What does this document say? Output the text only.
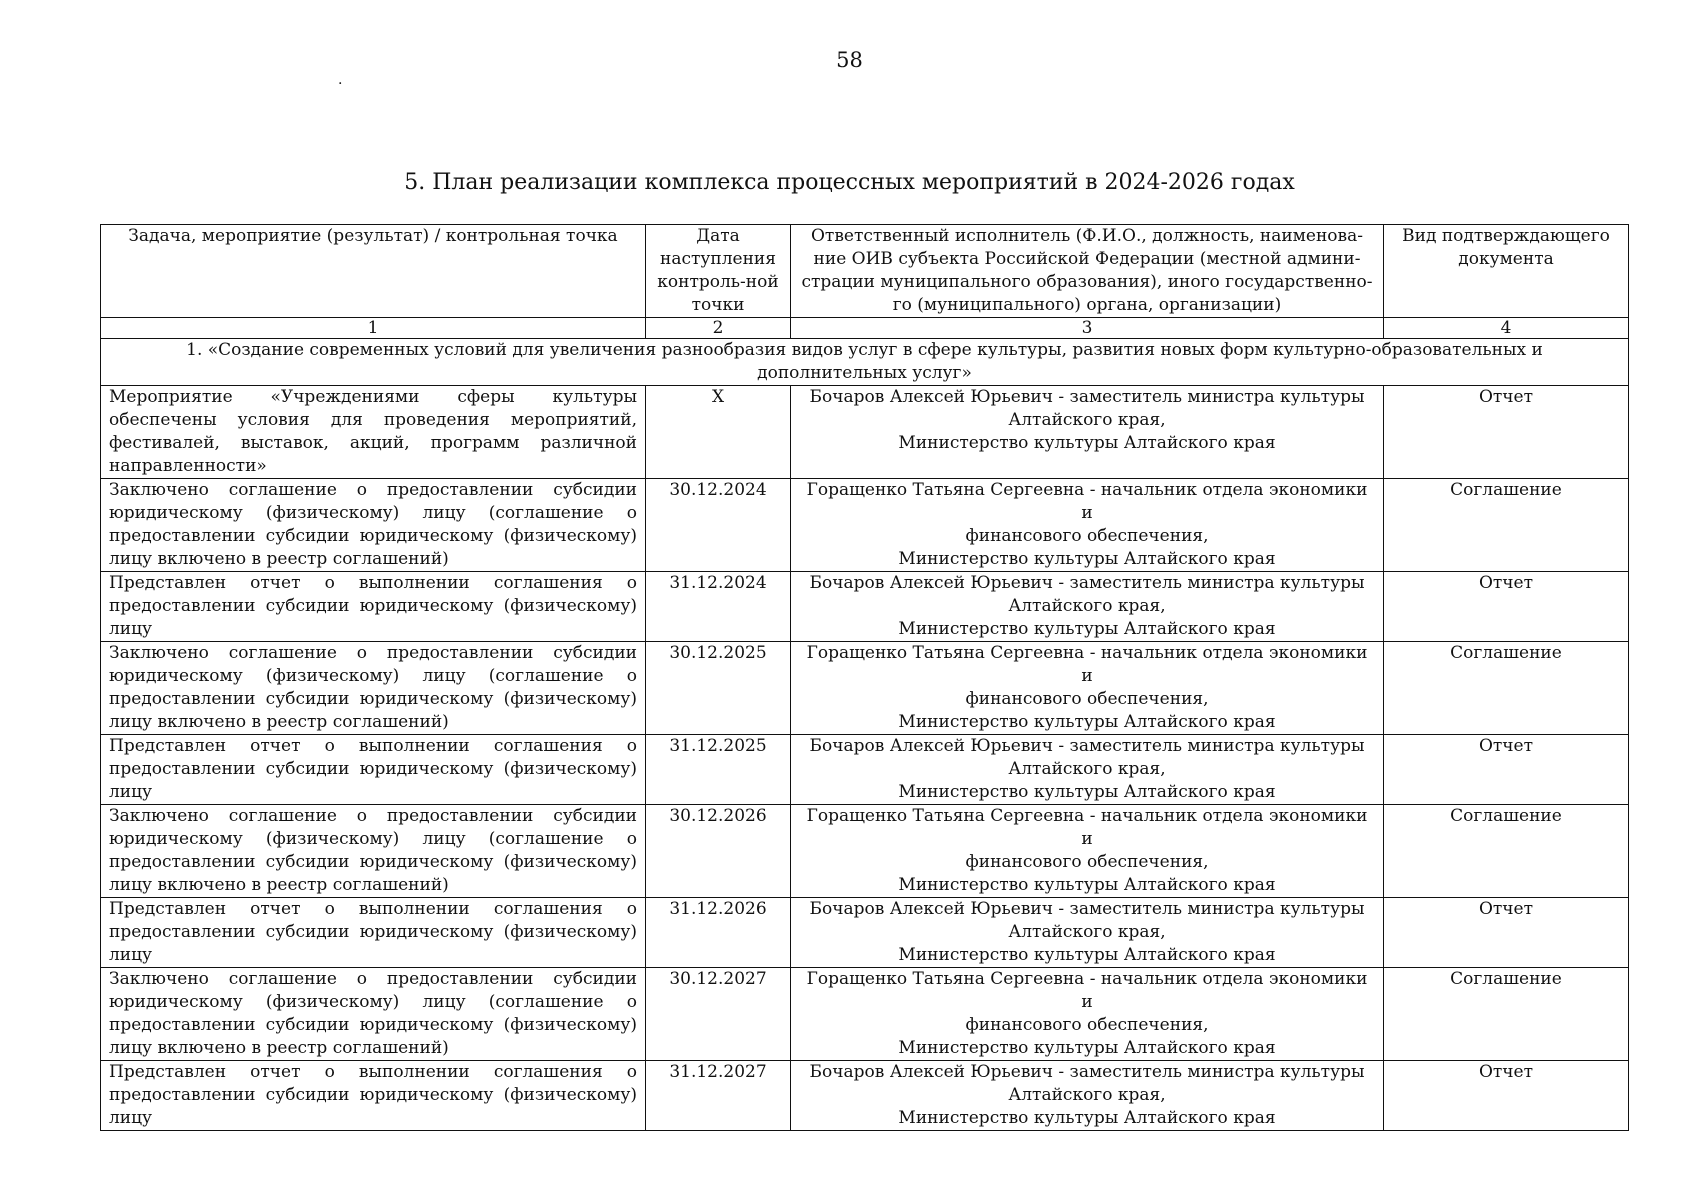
58
.
5. План реализации комплекса процессных мероприятий в 2024-2026 годах
Задача, мероприятие (результат) / контрольная точка	Дата наступления контроль-ной точки	Ответственный исполнитель (Ф.И.О., должность, наименова-ние ОИВ субъекта Российской Федерации (местной админи-страции муниципального образования), иного государственно-го (муниципального) органа, организации)	Вид подтверждающего документа
1	2	3	4
1. «Создание современных условий для увеличения разнообразия видов услуг в сфере культуры, развития новых форм культурно-образовательных и дополнительных услуг»			
Мероприятие «Учреждениями сферы культуры обеспечены условия для проведения мероприятий, фестивалей, выставок, акций, программ различной направленности»	X	Бочаров Алексей Юрьевич - заместитель министра культуры
Алтайского края,
Министерство культуры Алтайского края	Отчет
Заключено соглашение о предоставлении субсидии юридическому (физическому) лицу (соглашение о предоставлении субсидии юридическому (физическому) лицу включено в реестр соглашений)	30.12.2024	Горащенко Татьяна Сергеевна - начальник отдела экономики и
финансового обеспечения,
Министерство культуры Алтайского края	Соглашение
Представлен отчет о выполнении соглашения о предоставлении субсидии юридическому (физическому) лицу	31.12.2024	Бочаров Алексей Юрьевич - заместитель министра культуры
Алтайского края,
Министерство культуры Алтайского края	Отчет
Заключено соглашение о предоставлении субсидии юридическому (физическому) лицу (соглашение о предоставлении субсидии юридическому (физическому) лицу включено в реестр соглашений)	30.12.2025	Горащенко Татьяна Сергеевна - начальник отдела экономики и
финансового обеспечения,
Министерство культуры Алтайского края	Соглашение
Представлен отчет о выполнении соглашения о предоставлении субсидии юридическому (физическому) лицу	31.12.2025	Бочаров Алексей Юрьевич - заместитель министра культуры
Алтайского края,
Министерство культуры Алтайского края	Отчет
Заключено соглашение о предоставлении субсидии юридическому (физическому) лицу (соглашение о предоставлении субсидии юридическому (физическому) лицу включено в реестр соглашений)	30.12.2026	Горащенко Татьяна Сергеевна - начальник отдела экономики и
финансового обеспечения,
Министерство культуры Алтайского края	Соглашение
Представлен отчет о выполнении соглашения о предоставлении субсидии юридическому (физическому) лицу	31.12.2026	Бочаров Алексей Юрьевич - заместитель министра культуры
Алтайского края,
Министерство культуры Алтайского края	Отчет
Заключено соглашение о предоставлении субсидии юридическому (физическому) лицу (соглашение о предоставлении субсидии юридическому (физическому) лицу включено в реестр соглашений)	30.12.2027	Горащенко Татьяна Сергеевна - начальник отдела экономики и
финансового обеспечения,
Министерство культуры Алтайского края	Соглашение
Представлен отчет о выполнении соглашения о предоставлении субсидии юридическому (физическому) лицу	31.12.2027	Бочаров Алексей Юрьевич - заместитель министра культуры
Алтайского края,
Министерство культуры Алтайского края	Отчет
